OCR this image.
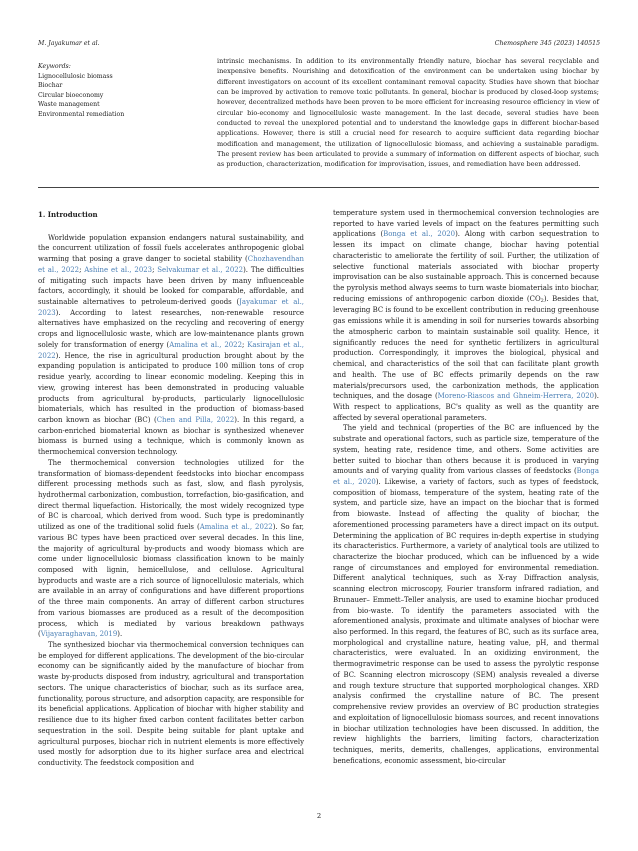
M. Jayakumar et al.	Chemosphere 345 (2023) 140515
Keywords:
Lignocellulosic biomass
Biochar
Circular bioeconomy
Waste management
Environmental remediation
intrinsic mechanisms. In addition to its environmentally friendly nature, biochar has several recyclable and inexpensive benefits. Nourishing and detoxification of the environment can be undertaken using biochar by different investigators on account of its excellent contaminant removal capacity. Studies have shown that biochar can be improved by activation to remove toxic pollutants. In general, biochar is produced by closed-loop systems; however, decentralized methods have been proven to be more efficient for increasing resource efficiency in view of circular bio-economy and lignocellulosic waste management. In the last decade, several studies have been conducted to reveal the unexplored potential and to understand the knowledge gaps in different biochar-based applications. However, there is still a crucial need for research to acquire sufficient data regarding biochar modification and management, the utilization of lignocellulosic biomass, and achieving a sustainable paradigm. The present review has been articulated to provide a summary of information on different aspects of biochar, such as production, characterization, modification for improvisation, issues, and remediation have been addressed.
1. Introduction

Worldwide population expansion endangers natural sustainability, and the concurrent utilization of fossil fuels accelerates anthropogenic global warming that posing a grave danger to societal stability (Chozhavendhan et al., 2022; Ashine et al., 2023; Selvakumar et al., 2022). The difficulties of mitigating such impacts have been driven by many influenceable factors, accordingly, it should be looked for comparable, affordable, and sustainable alternatives to petroleum-derived goods (Jayakumar et al., 2023). According to latest researches, non-renewable resource alternatives have emphasized on the recycling and recovering of energy crops and lignocellulosic waste, which are low-maintenance plants grown solely for transformation of energy (Amalina et al., 2022; Kasirajan et al., 2022). Hence, the rise in agricultural production brought about by the expanding population is anticipated to produce 100 million tons of crop residue yearly, according to linear economic modeling. Keeping this in view, growing interest has been demonstrated in producing valuable products from agricultural by-products, particularly lignocellulosic biomaterials, which has resulted in the production of biomass-based carbon known as biochar (BC) (Chen and Pilla, 2022). In this regard, a carbon-enriched biomaterial known as biochar is synthesized whenever biomass is burned using a technique, which is commonly known as thermochemical conversion technology.

The thermochemical conversion technologies utilized for the transformation of biomass-dependent feedstocks into biochar encompass different processing methods such as fast, slow, and flash pyrolysis, hydrothermal carbonization, combustion, torrefaction, bio-gasification, and direct thermal liquefaction. Historically, the most widely recognized type of BC is charcoal, which derived from wood. Such type is predominantly utilized as one of the traditional solid fuels (Amalina et al., 2022). So far, various BC types have been practiced over several decades. In this line, the majority of agricultural by-products and woody biomass which are come under lignocellulosic biomass classification known to be mainly composed with lignin, hemicellulose, and cellulose. Agricultural byproducts and waste are a rich source of lignocellulosic materials, which are available in an array of configurations and have different proportions of the three main components. An array of different carbon structures from various biomasses are produced as a result of the decomposition process, which is mediated by various breakdown pathways (Vijayaraghavan, 2019).

The synthesized biochar via thermochemical conversion techniques can be employed for different applications. The development of the bio-circular economy can be significantly aided by the manufacture of biochar from waste by-products disposed from industry, agricultural and transportation sectors. The unique characteristics of biochar, such as its surface area, functionality, porous structure, and adsorption capacity, are responsible for its beneficial applications. Application of biochar with higher stability and resilience due to its higher fixed carbon content facilitates better carbon sequestration in the soil. Despite being suitable for plant uptake and agricultural purposes, biochar rich in nutrient elements is more effectively used mostly for adsorption due to its higher surface area and electrical conductivity. The feedstock composition and

temperature system used in thermochemical conversion technologies are reported to have varied levels of impact on the features permitting such applications (Bonga et al., 2020). Along with carbon sequestration to lessen its impact on climate change, biochar having potential characteristic to ameliorate the fertility of soil. Further, the utilization of selective functional materials associated with biochar property improvisation can be also sustainable approach. This is concerned because the pyrolysis method always seems to turn waste biomaterials into biochar, reducing emissions of anthropogenic carbon dioxide $(CO_2)$. Besides that, leveraging BC is found to be excellent contribution in reducing greenhouse gas emissions while it is amending in soil for nurseries towards absorbing the atmospheric carbon to maintain sustainable soil quality. Hence, it significantly reduces the need for synthetic fertilizers in agricultural production. Correspondingly, it improves the biological, physical and chemical, and characteristics of the soil that can facilitate plant growth and health. The use of BC effects primarily depends on the raw materials/precursors used, the carbonization methods, the application techniques, and the dosage (Moreno-Riascos and Ghneim-Herrera, 2020). With respect to applications, BC's quality as well as the quantity are affected by several operational parameters.

The yield and technical (properties of the BC are influenced by the substrate and operational factors, such as particle size, temperature of the system, heating rate, residence time, and others. Some activities are better suited to biochar than others because it is produced in varying amounts and of varying quality from various classes of feedstocks (Bonga et al., 2020). Likewise, a variety of factors, such as types of feedstock, composition of biomass, temperature of the system, heating rate of the system, and particle size, have an impact on the biochar that is formed from biowaste. Instead of affecting the quality of biochar, the aforementioned processing parameters have a direct impact on its output. Determining the application of BC requires in-depth expertise in studying its characteristics. Furthermore, a variety of analytical tools are utilized to characterize the biochar produced, which can be influenced by a wide range of circumstances and employed for environmental remediation. Different analytical techniques, such as X-ray Diffraction analysis, scanning electron microscopy, Fourier transform infrared radiation, and Brunauer– Emmett–Teller analysis, are used to examine biochar produced from bio-waste. To identify the parameters associated with the aforementioned analysis, proximate and ultimate analyses of biochar were also performed. In this regard, the features of BC, such as its surface area, morphological and crystalline nature, heating value, pH, and thermal characteristics, were evaluated. In an oxidizing environment, the thermogravimetric response can be used to assess the pyrolytic response of BC. Scanning electron microscopy (SEM) analysis revealed a diverse and rough texture structure that supported morphological changes. XRD analysis confirmed the crystalline nature of BC. The present comprehensive review provides an overview of BC production strategies and exploitation of lignocellulosic biomass sources, and recent innovations in biochar utilization technologies have been discussed. In addition, the review highlights the barriers, limiting factors, characterization techniques, merits, demerits, challenges, applications, environmental benefications, economic assessment, bio-circular

2
